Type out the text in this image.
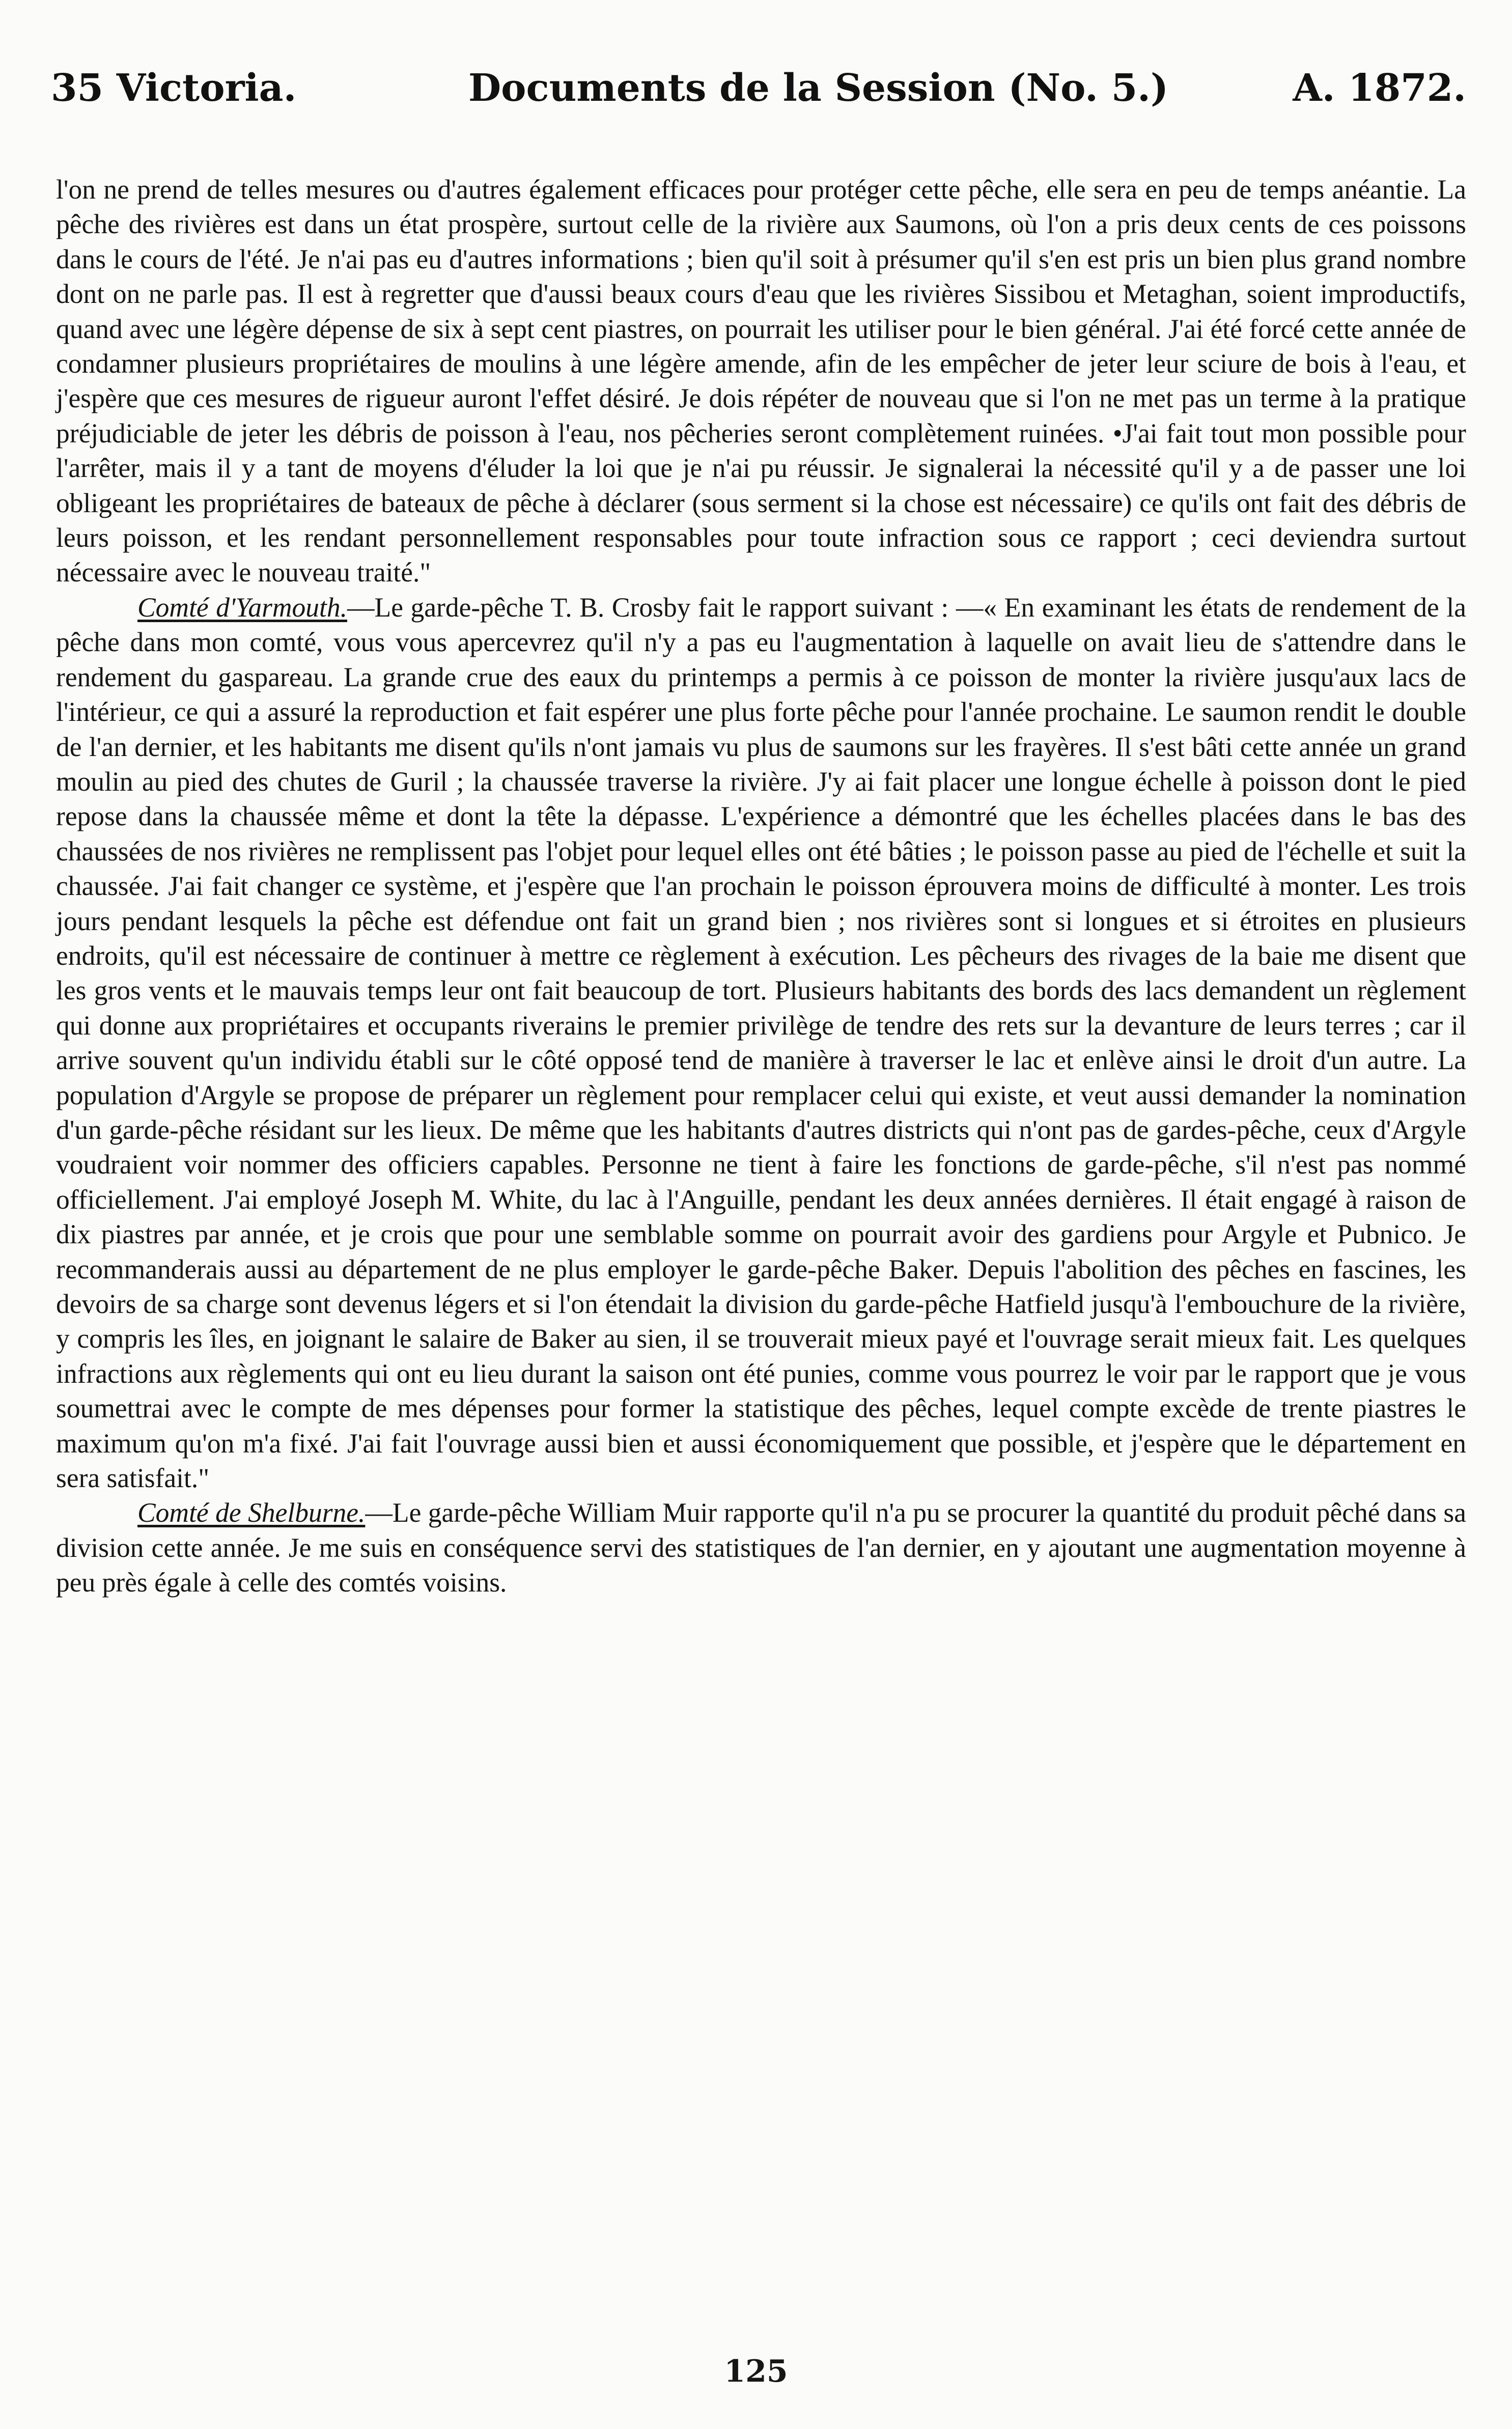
35 Victoria.	Documents de la Session (No. 5.)	A. 1872.

l'on ne prend de telles mesures ou d'autres également efficaces pour protéger cette pêche, elle sera en peu de temps anéantie. La pêche des rivières est dans un état prospère, surtout celle de la rivière aux Saumons, où l'on a pris deux cents de ces poissons dans le cours de l'été. Je n'ai pas eu d'autres informations ; bien qu'il soit à présumer qu'il s'en est pris un bien plus grand nombre dont on ne parle pas. Il est à regretter que d'aussi beaux cours d'eau que les rivières Sissibou et Metaghan, soient improductifs, quand avec une légère dépense de six à sept cent piastres, on pourrait les utiliser pour le bien général. J'ai été forcé cette année de condamner plusieurs propriétaires de moulins à une légère amende, afin de les empêcher de jeter leur sciure de bois à l'eau, et j'espère que ces mesures de rigueur auront l'effet désiré. Je dois répéter de nouveau que si l'on ne met pas un terme à la pratique préjudiciable de jeter les débris de poisson à l'eau, nos pêcheries seront complètement ruinées. •J'ai fait tout mon possible pour l'arrêter, mais il y a tant de moyens d'éluder la loi que je n'ai pu réussir. Je signalerai la nécessité qu'il y a de passer une loi obligeant les propriétaires de bateaux de pêche à déclarer (sous serment si la chose est nécessaire) ce qu'ils ont fait des débris de leurs poisson, et les rendant personnellement responsables pour toute infraction sous ce rapport ; ceci deviendra surtout nécessaire avec le nouveau traité."

Comté d'Yarmouth.—Le garde-pêche T. B. Crosby fait le rapport suivant : —« En examinant les états de rendement de la pêche dans mon comté, vous vous apercevrez qu'il n'y a pas eu l'augmentation à laquelle on avait lieu de s'attendre dans le rendement du gaspareau. La grande crue des eaux du printemps a permis à ce poisson de monter la rivière jusqu'aux lacs de l'intérieur, ce qui a assuré la reproduction et fait espérer une plus forte pêche pour l'année prochaine. Le saumon rendit le double de l'an dernier, et les habitants me disent qu'ils n'ont jamais vu plus de saumons sur les frayères. Il s'est bâti cette année un grand moulin au pied des chutes de Guril ; la chaussée traverse la rivière. J'y ai fait placer une longue échelle à poisson dont le pied repose dans la chaussée même et dont la tête la dépasse. L'expérience a démontré que les échelles placées dans le bas des chaussées de nos rivières ne remplissent pas l'objet pour lequel elles ont été bâties ; le poisson passe au pied de l'échelle et suit la chaussée. J'ai fait changer ce système, et j'espère que l'an prochain le poisson éprouvera moins de difficulté à monter. Les trois jours pendant lesquels la pêche est défendue ont fait un grand bien ; nos rivières sont si longues et si étroites en plusieurs endroits, qu'il est nécessaire de continuer à mettre ce règlement à exécution. Les pêcheurs des rivages de la baie me disent que les gros vents et le mauvais temps leur ont fait beaucoup de tort. Plusieurs habitants des bords des lacs demandent un règlement qui donne aux propriétaires et occupants riverains le premier privilège de tendre des rets sur la devanture de leurs terres ; car il arrive souvent qu'un individu établi sur le côté opposé tend de manière à traverser le lac et enlève ainsi le droit d'un autre. La population d'Argyle se propose de préparer un règlement pour remplacer celui qui existe, et veut aussi demander la nomination d'un garde-pêche résidant sur les lieux. De même que les habitants d'autres districts qui n'ont pas de gardes-pêche, ceux d'Argyle voudraient voir nommer des officiers capables. Personne ne tient à faire les fonctions de garde-pêche, s'il n'est pas nommé officiellement. J'ai employé Joseph M. White, du lac à l'Anguille, pendant les deux années dernières. Il était engagé à raison de dix piastres par année, et je crois que pour une semblable somme on pourrait avoir des gardiens pour Argyle et Pubnico. Je recommanderais aussi au département de ne plus employer le garde-pêche Baker. Depuis l'abolition des pêches en fascines, les devoirs de sa charge sont devenus légers et si l'on étendait la division du garde-pêche Hatfield jusqu'à l'embouchure de la rivière, y compris les îles, en joignant le salaire de Baker au sien, il se trouverait mieux payé et l'ouvrage serait mieux fait. Les quelques infractions aux règlements qui ont eu lieu durant la saison ont été punies, comme vous pourrez le voir par le rapport que je vous soumettrai avec le compte de mes dépenses pour former la statistique des pêches, lequel compte excède de trente piastres le maximum qu'on m'a fixé. J'ai fait l'ouvrage aussi bien et aussi économiquement que possible, et j'espère que le département en sera satisfait."

Comté de Shelburne.—Le garde-pêche William Muir rapporte qu'il n'a pu se procurer la quantité du produit pêché dans sa division cette année. Je me suis en conséquence servi des statistiques de l'an dernier, en y ajoutant une augmentation moyenne à peu près égale à celle des comtés voisins.

125
